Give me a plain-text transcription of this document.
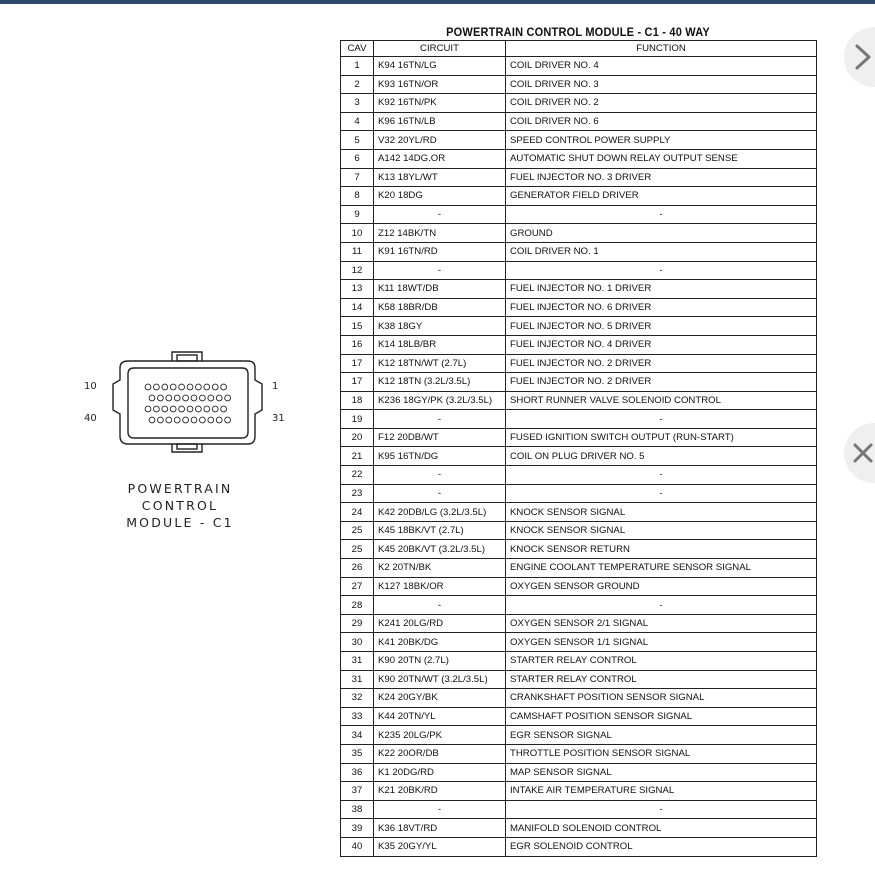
10	1
40	31
POWERTRAIN
CONTROL
MODULE - C1
POWERTRAIN CONTROL MODULE - C1 - 40 WAY
CAV	CIRCUIT	FUNCTION
1	K94 16TN/LG	COIL DRIVER NO. 4
2	K93 16TN/OR	COIL DRIVER NO. 3
3	K92 16TN/PK	COIL DRIVER NO. 2
4	K96 16TN/LB	COIL DRIVER NO. 6
5	V32 20YL/RD	SPEED CONTROL POWER SUPPLY
6	A142 14DG.OR	AUTOMATIC SHUT DOWN RELAY OUTPUT SENSE
7	K13 18YL/WT	FUEL INJECTOR NO. 3 DRIVER
8	K20 18DG	GENERATOR FIELD DRIVER
9	-	-
10	Z12 14BK/TN	GROUND
11	K91 16TN/RD	COIL DRIVER NO. 1
12	-	-
13	K11 18WT/DB	FUEL INJECTOR NO. 1 DRIVER
14	K58 18BR/DB	FUEL INJECTOR NO. 6 DRIVER
15	K38 18GY	FUEL INJECTOR NO. 5 DRIVER
16	K14 18LB/BR	FUEL INJECTOR NO. 4 DRIVER
17	K12 18TN/WT (2.7L)	FUEL INJECTOR NO. 2 DRIVER
17	K12 18TN (3.2L/3.5L)	FUEL INJECTOR NO. 2 DRIVER
18	K236 18GY/PK (3.2L/3.5L)	SHORT RUNNER VALVE SOLENOID CONTROL
19	-	-
20	F12 20DB/WT	FUSED IGNITION SWITCH OUTPUT (RUN-START)
21	K95 16TN/DG	COIL ON PLUG DRIVER NO. 5
22	-	-
23	-	-
24	K42 20DB/LG (3.2L/3.5L)	KNOCK SENSOR SIGNAL
25	K45 18BK/VT (2.7L)	KNOCK SENSOR SIGNAL
25	K45 20BK/VT (3.2L/3.5L)	KNOCK SENSOR RETURN
26	K2 20TN/BK	ENGINE COOLANT TEMPERATURE SENSOR SIGNAL
27	K127 18BK/OR	OXYGEN SENSOR GROUND
28	-	-
29	K241 20LG/RD	OXYGEN SENSOR 2/1 SIGNAL
30	K41 20BK/DG	OXYGEN SENSOR 1/1 SIGNAL
31	K90 20TN (2.7L)	STARTER RELAY CONTROL
31	K90 20TN/WT (3.2L/3.5L)	STARTER RELAY CONTROL
32	K24 20GY/BK	CRANKSHAFT POSITION SENSOR SIGNAL
33	K44 20TN/YL	CAMSHAFT POSITION SENSOR SIGNAL
34	K235 20LG/PK	EGR SENSOR SIGNAL
35	K22 20OR/DB	THROTTLE POSITION SENSOR SIGNAL
36	K1 20DG/RD	MAP SENSOR SIGNAL
37	K21 20BK/RD	INTAKE AIR TEMPERATURE SIGNAL
38	-	-
39	K36 18VT/RD	MANIFOLD SOLENOID CONTROL
40	K35 20GY/YL	EGR SOLENOID CONTROL
